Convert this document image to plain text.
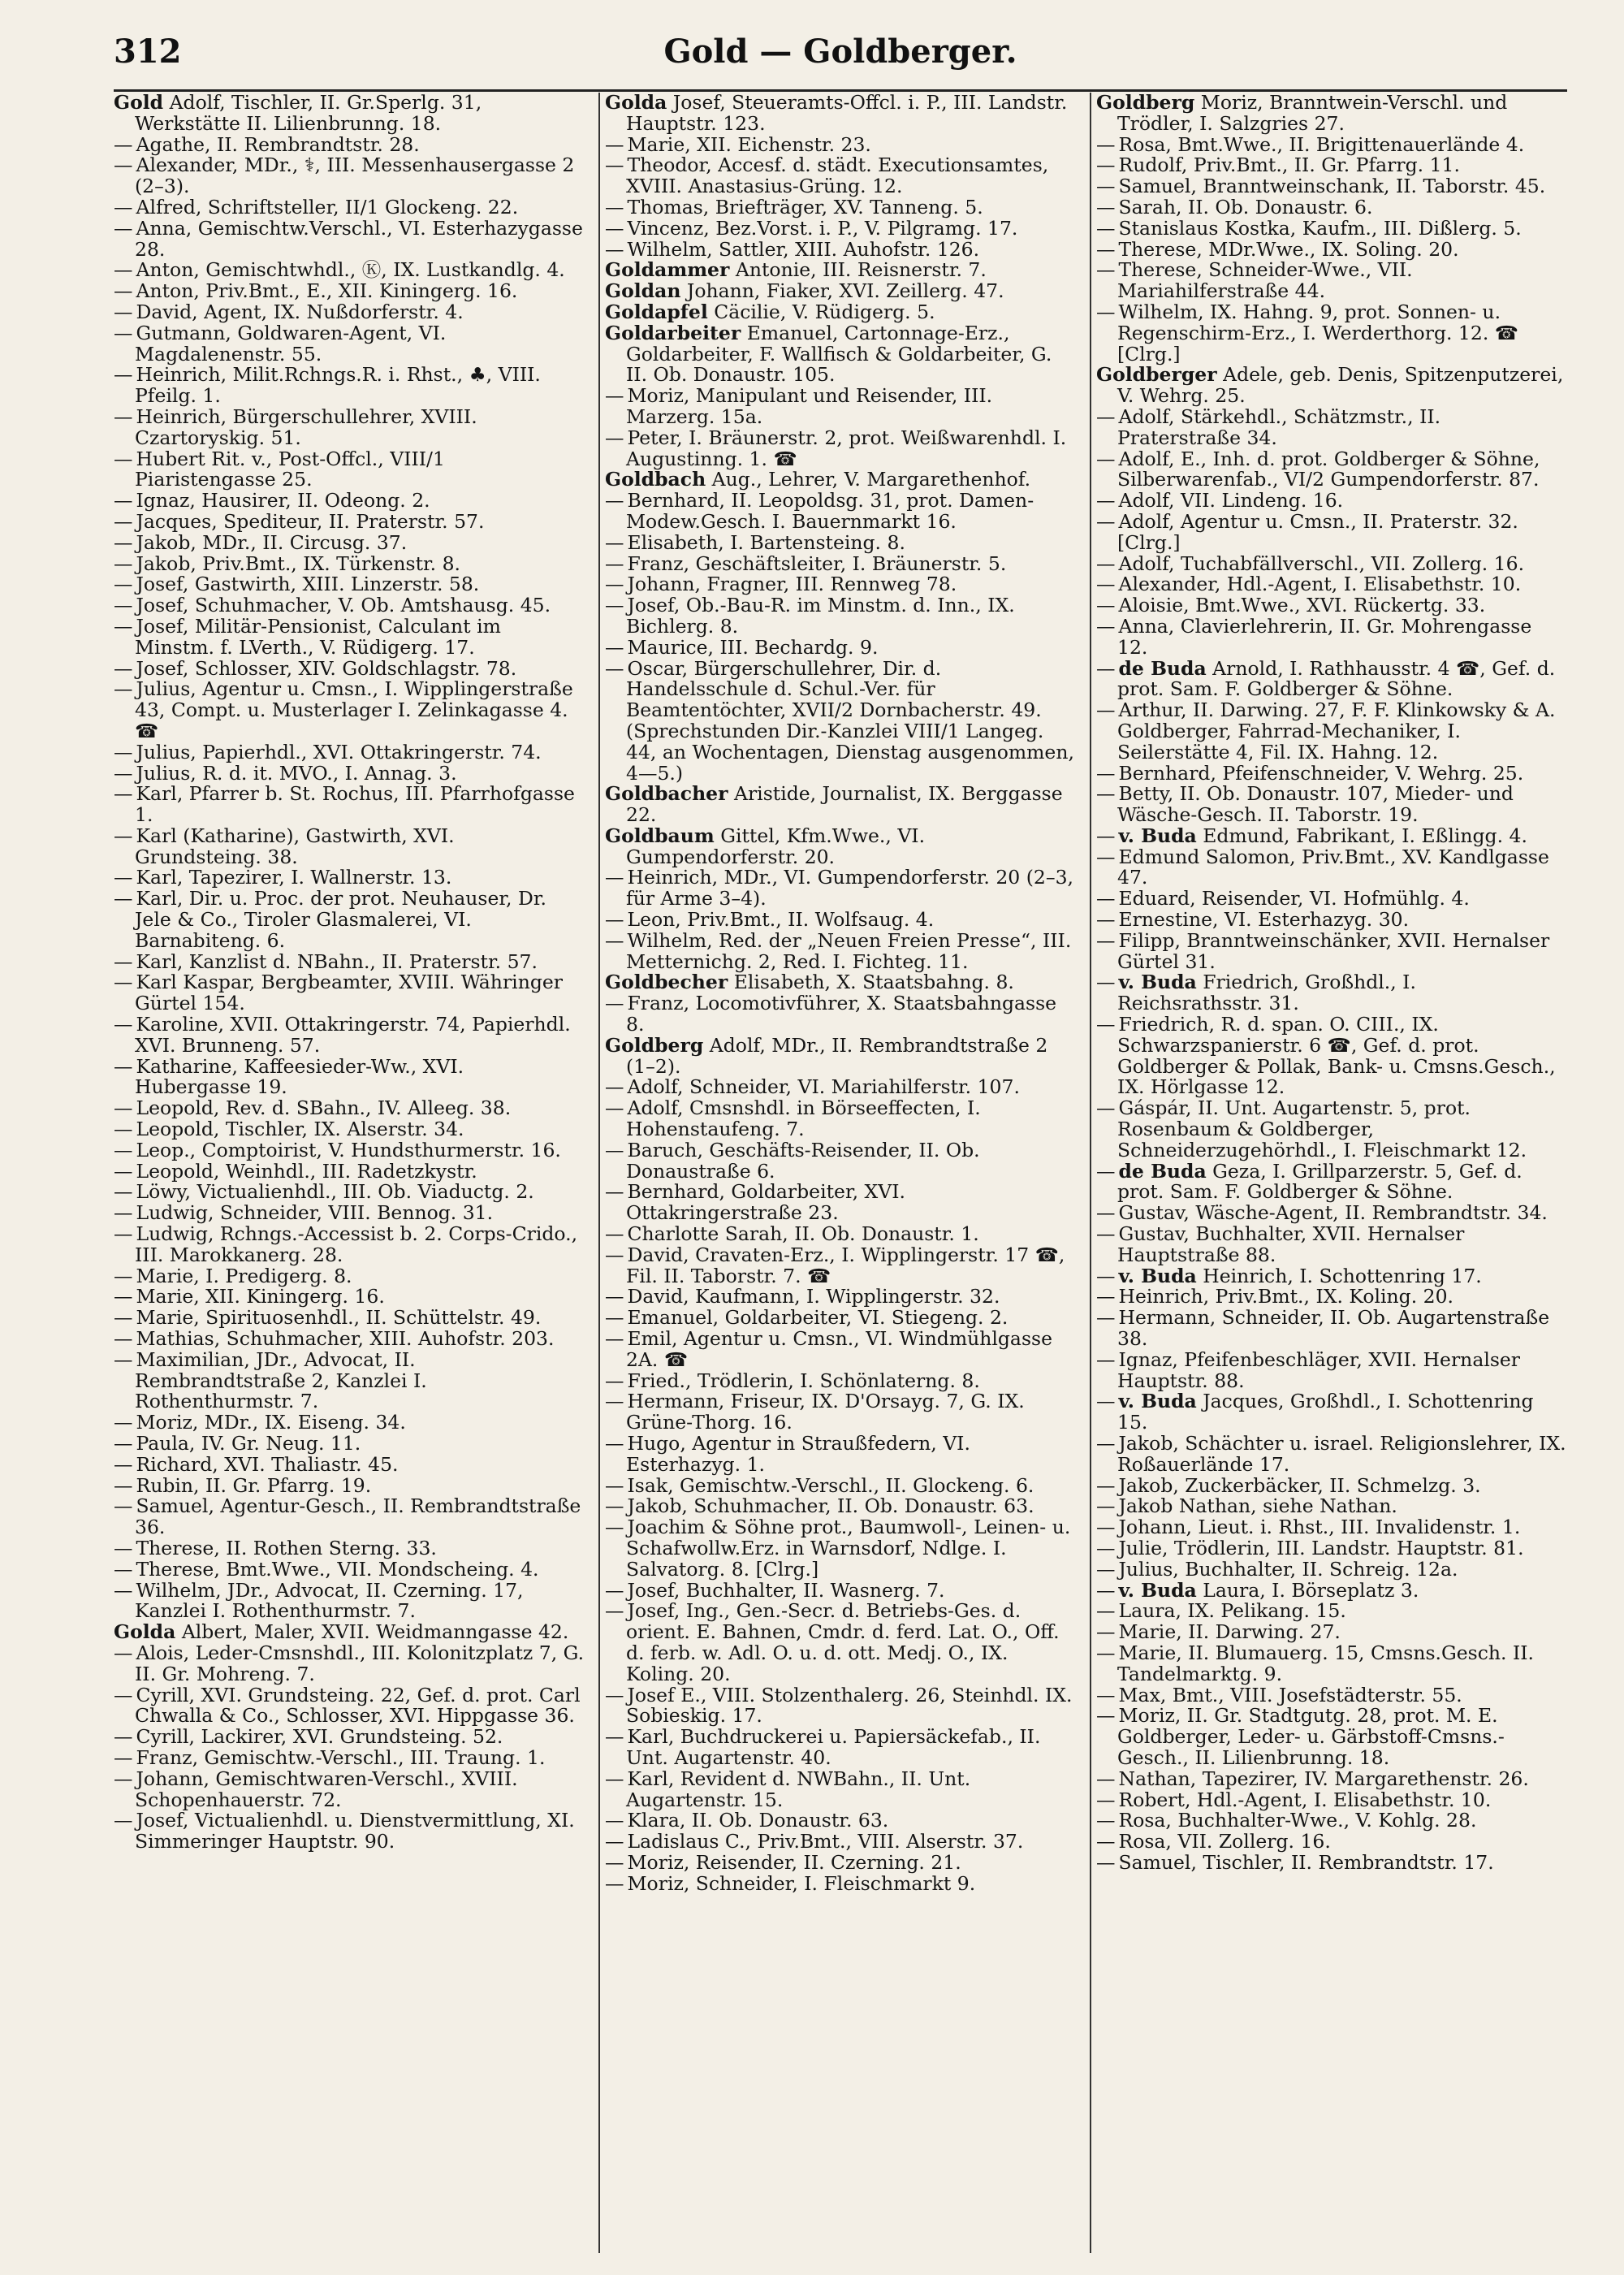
312	Gold — Goldberger.

Gold Adolf, Tischler, II. Gr.Sperlg. 31, Werkstätte II. Lilienbrunng. 18.

— Agathe, II. Rembrandtstr. 28.

— Alexander, MDr., ⚕, III. Messenhausergasse 2 (2–3).

— Alfred, Schriftsteller, II/1 Glockeng. 22.

— Anna, Gemischtw.Verschl., VI. Esterhazygasse 28.

— Anton, Gemischtwhdl., Ⓚ, IX. Lustkandlg. 4.

— Anton, Priv.Bmt., E., XII. Kiningerg. 16.

— David, Agent, IX. Nußdorferstr. 4.

— Gutmann, Goldwaren-Agent, VI. Magdalenenstr. 55.

— Heinrich, Milit.Rchngs.R. i. Rhst., ♣, VIII. Pfeilg. 1.

— Heinrich, Bürgerschullehrer, XVIII. Czartoryskig. 51.

— Hubert Rit. v., Post-Offcl., VIII/1 Piaristengasse 25.

— Ignaz, Hausirer, II. Odeong. 2.

— Jacques, Spediteur, II. Praterstr. 57.

— Jakob, MDr., II. Circusg. 37.

— Jakob, Priv.Bmt., IX. Türkenstr. 8.

— Josef, Gastwirth, XIII. Linzerstr. 58.

— Josef, Schuhmacher, V. Ob. Amtshausg. 45.

— Josef, Militär-Pensionist, Calculant im Minstm. f. LVerth., V. Rüdigerg. 17.

— Josef, Schlosser, XIV. Goldschlagstr. 78.

— Julius, Agentur u. Cmsn., I. Wipplingerstraße 43, Compt. u. Musterlager I. Zelinkagasse 4. ☎

— Julius, Papierhdl., XVI. Ottakringerstr. 74.

— Julius, R. d. it. MVO., I. Annag. 3.

— Karl, Pfarrer b. St. Rochus, III. Pfarrhofgasse 1.

— Karl (Katharine), Gastwirth, XVI. Grundsteing. 38.

— Karl, Tapezirer, I. Wallnerstr. 13.

— Karl, Dir. u. Proc. der prot. Neuhauser, Dr. Jele & Co., Tiroler Glasmalerei, VI. Barnabiteng. 6.

— Karl, Kanzlist d. NBahn., II. Praterstr. 57.

— Karl Kaspar, Bergbeamter, XVIII. Währinger Gürtel 154.

— Karoline, XVII. Ottakringerstr. 74, Papierhdl. XVI. Brunneng. 57.

— Katharine, Kaffeesieder-Ww., XVI. Hubergasse 19.

— Leopold, Rev. d. SBahn., IV. Alleeg. 38.

— Leopold, Tischler, IX. Alserstr. 34.

— Leop., Comptoirist, V. Hundsthurmerstr. 16.

— Leopold, Weinhdl., III. Radetzkystr.

— Löwy, Victualienhdl., III. Ob. Viaductg. 2.

— Ludwig, Schneider, VIII. Bennog. 31.

— Ludwig, Rchngs.-Accessist b. 2. Corps-Crido., III. Marokkanerg. 28.

— Marie, I. Predigerg. 8.

— Marie, XII. Kiningerg. 16.

— Marie, Spirituosenhdl., II. Schüttelstr. 49.

— Mathias, Schuhmacher, XIII. Auhofstr. 203.

— Maximilian, JDr., Advocat, II. Rembrandtstraße 2, Kanzlei I. Rothenthurmstr. 7.

— Moriz, MDr., IX. Eiseng. 34.

— Paula, IV. Gr. Neug. 11.

— Richard, XVI. Thaliastr. 45.

— Rubin, II. Gr. Pfarrg. 19.

— Samuel, Agentur-Gesch., II. Rembrandtstraße 36.

— Therese, II. Rothen Sterng. 33.

— Therese, Bmt.Wwe., VII. Mondscheing. 4.

— Wilhelm, JDr., Advocat, II. Czerning. 17, Kanzlei I. Rothenthurmstr. 7.

Golda Albert, Maler, XVII. Weidmanngasse 42.

— Alois, Leder-Cmsnshdl., III. Kolonitzplatz 7, G. II. Gr. Mohreng. 7.

— Cyrill, XVI. Grundsteing. 22, Gef. d. prot. Carl Chwalla & Co., Schlosser, XVI. Hippgasse 36.

— Cyrill, Lackirer, XVI. Grundsteing. 52.

— Franz, Gemischtw.-Verschl., III. Traung. 1.

— Johann, Gemischtwaren-Verschl., XVIII. Schopenhauerstr. 72.

— Josef, Victualienhdl. u. Dienstvermittlung, XI. Simmeringer Hauptstr. 90.

Golda Josef, Steueramts-Offcl. i. P., III. Landstr. Hauptstr. 123.

— Marie, XII. Eichenstr. 23.

— Theodor, Accesf. d. städt. Executionsamtes, XVIII. Anastasius-Grüng. 12.

— Thomas, Briefträger, XV. Tanneng. 5.

— Vincenz, Bez.Vorst. i. P., V. Pilgramg. 17.

— Wilhelm, Sattler, XIII. Auhofstr. 126.

Goldammer Antonie, III. Reisnerstr. 7.

Goldan Johann, Fiaker, XVI. Zeillerg. 47.

Goldapfel Cäcilie, V. Rüdigerg. 5.

Goldarbeiter Emanuel, Cartonnage-Erz., Goldarbeiter, F. Wallfisch & Goldarbeiter, G. II. Ob. Donaustr. 105.

— Moriz, Manipulant und Reisender, III. Marzerg. 15a.

— Peter, I. Bräunerstr. 2, prot. Weißwarenhdl. I. Augustinng. 1. ☎

Goldbach Aug., Lehrer, V. Margarethenhof.

— Bernhard, II. Leopoldsg. 31, prot. Damen-Modew.Gesch. I. Bauernmarkt 16.

— Elisabeth, I. Bartensteing. 8.

— Franz, Geschäftsleiter, I. Bräunerstr. 5.

— Johann, Fragner, III. Rennweg 78.

— Josef, Ob.-Bau-R. im Minstm. d. Inn., IX. Bichlerg. 8.

— Maurice, III. Bechardg. 9.

— Oscar, Bürgerschullehrer, Dir. d. Handelsschule d. Schul.-Ver. für Beamtentöchter, XVII/2 Dornbacherstr. 49. (Sprechstunden Dir.-Kanzlei VIII/1 Langeg. 44, an Wochentagen, Dienstag ausgenommen, 4—5.)

Goldbacher Aristide, Journalist, IX. Berggasse 22.

Goldbaum Gittel, Kfm.Wwe., VI. Gumpendorferstr. 20.

— Heinrich, MDr., VI. Gumpendorferstr. 20 (2–3, für Arme 3–4).

— Leon, Priv.Bmt., II. Wolfsaug. 4.

— Wilhelm, Red. der „Neuen Freien Presse“, III. Metternichg. 2, Red. I. Fichteg. 11.

Goldbecher Elisabeth, X. Staatsbahng. 8.

— Franz, Locomotivführer, X. Staatsbahngasse 8.

Goldberg Adolf, MDr., II. Rembrandtstraße 2 (1–2).

— Adolf, Schneider, VI. Mariahilferstr. 107.

— Adolf, Cmsnshdl. in Börseeffecten, I. Hohenstaufeng. 7.

— Baruch, Geschäfts-Reisender, II. Ob. Donaustraße 6.

— Bernhard, Goldarbeiter, XVI. Ottakringerstraße 23.

— Charlotte Sarah, II. Ob. Donaustr. 1.

— David, Cravaten-Erz., I. Wipplingerstr. 17 ☎, Fil. II. Taborstr. 7. ☎

— David, Kaufmann, I. Wipplingerstr. 32.

— Emanuel, Goldarbeiter, VI. Stiegeng. 2.

— Emil, Agentur u. Cmsn., VI. Windmühlgasse 2A. ☎

— Fried., Trödlerin, I. Schönlaterng. 8.

— Hermann, Friseur, IX. D'Orsayg. 7, G. IX. Grüne-Thorg. 16.

— Hugo, Agentur in Straußfedern, VI. Esterhazyg. 1.

— Isak, Gemischtw.-Verschl., II. Glockeng. 6.

— Jakob, Schuhmacher, II. Ob. Donaustr. 63.

— Joachim & Söhne prot., Baumwoll-, Leinen- u. Schafwollw.Erz. in Warnsdorf, Ndlge. I. Salvatorg. 8. [Clrg.]

— Josef, Buchhalter, II. Wasnerg. 7.

— Josef, Ing., Gen.-Secr. d. Betriebs-Ges. d. orient. E. Bahnen, Cmdr. d. ferd. Lat. O., Off. d. ferb. w. Adl. O. u. d. ott. Medj. O., IX. Koling. 20.

— Josef E., VIII. Stolzenthalerg. 26, Steinhdl. IX. Sobieskig. 17.

— Karl, Buchdruckerei u. Papiersäckefab., II. Unt. Augartenstr. 40.

— Karl, Revident d. NWBahn., II. Unt. Augartenstr. 15.

— Klara, II. Ob. Donaustr. 63.

— Ladislaus C., Priv.Bmt., VIII. Alserstr. 37.

— Moriz, Reisender, II. Czerning. 21.

— Moriz, Schneider, I. Fleischmarkt 9.

Goldberg Moriz, Branntwein-Verschl. und Trödler, I. Salzgries 27.

— Rosa, Bmt.Wwe., II. Brigittenauerlände 4.

— Rudolf, Priv.Bmt., II. Gr. Pfarrg. 11.

— Samuel, Branntweinschank, II. Taborstr. 45.

— Sarah, II. Ob. Donaustr. 6.

— Stanislaus Kostka, Kaufm., III. Dißlerg. 5.

— Therese, MDr.Wwe., IX. Soling. 20.

— Therese, Schneider-Wwe., VII. Mariahilferstraße 44.

— Wilhelm, IX. Hahng. 9, prot. Sonnen- u. Regenschirm-Erz., I. Werderthorg. 12. ☎ [Clrg.]

Goldberger Adele, geb. Denis, Spitzenputzerei, V. Wehrg. 25.

— Adolf, Stärkehdl., Schätzmstr., II. Praterstraße 34.

— Adolf, E., Inh. d. prot. Goldberger & Söhne, Silberwarenfab., VI/2 Gumpendorferstr. 87.

— Adolf, VII. Lindeng. 16.

— Adolf, Agentur u. Cmsn., II. Praterstr. 32. [Clrg.]

— Adolf, Tuchabfällverschl., VII. Zollerg. 16.

— Alexander, Hdl.-Agent, I. Elisabethstr. 10.

— Aloisie, Bmt.Wwe., XVI. Rückertg. 33.

— Anna, Clavierlehrerin, II. Gr. Mohrengasse 12.

— de Buda Arnold, I. Rathhausstr. 4 ☎, Gef. d. prot. Sam. F. Goldberger & Söhne.

— Arthur, II. Darwing. 27, F. F. Klinkowsky & A. Goldberger, Fahrrad-Mechaniker, I. Seilerstätte 4, Fil. IX. Hahng. 12.

— Bernhard, Pfeifenschneider, V. Wehrg. 25.

— Betty, II. Ob. Donaustr. 107, Mieder- und Wäsche-Gesch. II. Taborstr. 19.

— v. Buda Edmund, Fabrikant, I. Eßlingg. 4.

— Edmund Salomon, Priv.Bmt., XV. Kandlgasse 47.

— Eduard, Reisender, VI. Hofmühlg. 4.

— Ernestine, VI. Esterhazyg. 30.

— Filipp, Branntweinschänker, XVII. Hernalser Gürtel 31.

— v. Buda Friedrich, Großhdl., I. Reichsrathsstr. 31.

— Friedrich, R. d. span. O. CIII., IX. Schwarzspanierstr. 6 ☎, Gef. d. prot. Goldberger & Pollak, Bank- u. Cmsns.Gesch., IX. Hörlgasse 12.

— Gáspár, II. Unt. Augartenstr. 5, prot. Rosenbaum & Goldberger, Schneiderzugehörhdl., I. Fleischmarkt 12.

— de Buda Geza, I. Grillparzerstr. 5, Gef. d. prot. Sam. F. Goldberger & Söhne.

— Gustav, Wäsche-Agent, II. Rembrandtstr. 34.

— Gustav, Buchhalter, XVII. Hernalser Hauptstraße 88.

— v. Buda Heinrich, I. Schottenring 17.

— Heinrich, Priv.Bmt., IX. Koling. 20.

— Hermann, Schneider, II. Ob. Augartenstraße 38.

— Ignaz, Pfeifenbeschläger, XVII. Hernalser Hauptstr. 88.

— v. Buda Jacques, Großhdl., I. Schottenring 15.

— Jakob, Schächter u. israel. Religionslehrer, IX. Roßauerlände 17.

— Jakob, Zuckerbäcker, II. Schmelzg. 3.

— Jakob Nathan, siehe Nathan.

— Johann, Lieut. i. Rhst., III. Invalidenstr. 1.

— Julie, Trödlerin, III. Landstr. Hauptstr. 81.

— Julius, Buchhalter, II. Schreig. 12a.

— v. Buda Laura, I. Börseplatz 3.

— Laura, IX. Pelikang. 15.

— Marie, II. Darwing. 27.

— Marie, II. Blumauerg. 15, Cmsns.Gesch. II. Tandelmarktg. 9.

— Max, Bmt., VIII. Josefstädterstr. 55.

— Moriz, II. Gr. Stadtgutg. 28, prot. M. E. Goldberger, Leder- u. Gärbstoff-Cmsns.-Gesch., II. Lilienbrunng. 18.

— Nathan, Tapezirer, IV. Margarethenstr. 26.

— Robert, Hdl.-Agent, I. Elisabethstr. 10.

— Rosa, Buchhalter-Wwe., V. Kohlg. 28.

— Rosa, VII. Zollerg. 16.

— Samuel, Tischler, II. Rembrandtstr. 17.
